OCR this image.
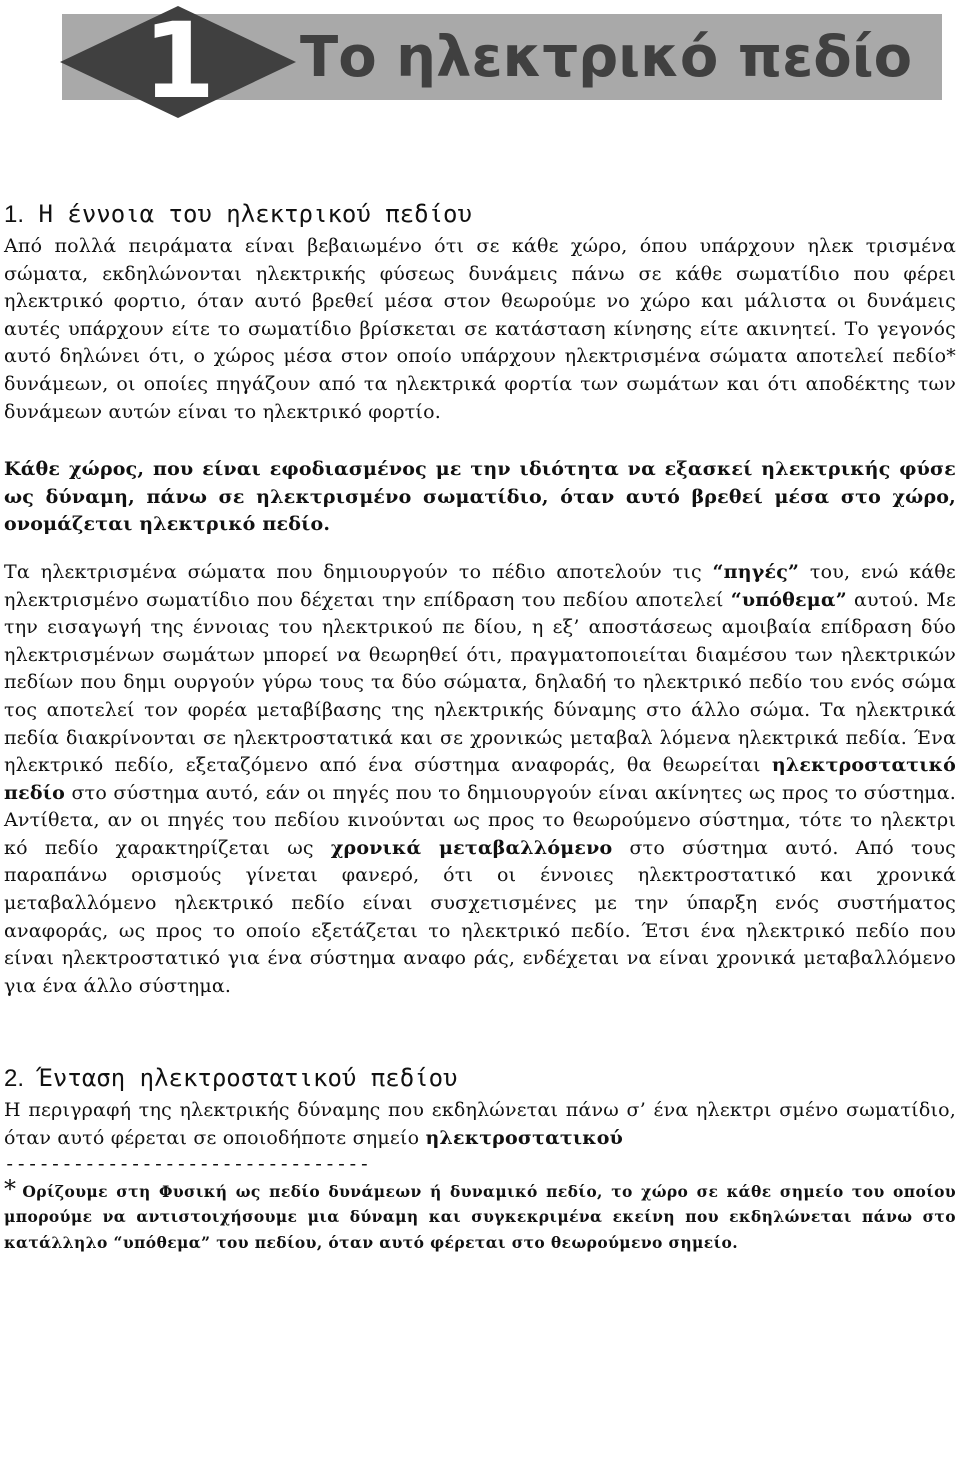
1 Το ηλεκτρικό πεδίο
1. Η έννοια του ηλεκτρικού πεδίου

Από πολλά πειράματα είναι βεβαιωμένο ότι σε κάθε χώρο, όπου υπάρχουν ηλεκ τρισμένα σώματα, εκδηλώνονται ηλεκτρικής φύσεως δυνάμεις πάνω σε κάθε σωματίδιο που φέρει ηλεκτρικό φορτιο, όταν αυτό βρεθεί μέσα στον θεωρούμε νο χώρο και μάλιστα οι δυνάμεις αυτές υπάρχουν είτε το σωματίδιο βρίσκεται σε κατάσταση κίνησης είτε ακινητεί. Το γεγονός αυτό δηλώνει ότι, ο χώρος μέσα στον οποίο υπάρχουν ηλεκτρισμένα σώματα αποτελεί πεδίο* δυνάμεων, οι οποίες πηγάζουν από τα ηλεκτρικά φορτία των σωμάτων και ότι αποδέκτης των δυνάμεων αυτών είναι το ηλεκτρικό φορτίο.

Κάθε χώρος, που είναι εφοδιασμένος με την ιδιότητα να εξασκεί ηλεκτρικής φύσε ως δύναμη, πάνω σε ηλεκτρισμένο σωματίδιο, όταν αυτό βρεθεί μέσα στο χώρο, ονομάζεται ηλεκτρικό πεδίο.

Τα ηλεκτρισμένα σώματα που δημιουργούν το πέδιο αποτελούν τις “πηγές” του, ενώ κάθε ηλεκτρισμένο σωματίδιο που δέχεται την επίδραση του πεδίου αποτελεί “υπόθεμα” αυτού. Με την εισαγωγή της έννοιας του ηλεκτρικού πε δίου, η εξ’ αποστάσεως αμοιβαία επίδραση δύο ηλεκτρισμένων σωμάτων μπορεί να θεωρηθεί ότι, πραγματοποιείται διαμέσου των ηλεκτρικών πεδίων που δημι ουργούν γύρω τους τα δύο σώματα, δηλαδή το ηλεκτρικό πεδίο του ενός σώμα τος αποτελεί τον φορέα μεταβίβασης της ηλεκτρικής δύναμης στο άλλο σώμα. Τα ηλεκτρικά πεδία διακρίνονται σε ηλεκτροστατικά και σε χρονικώς μεταβαλ λόμενα ηλεκτρικά πεδία. Ένα ηλεκτρικό πεδίο, εξεταζόμενο από ένα σύστημα αναφοράς, θα θεωρείται ηλεκτροστατικό πεδίο στο σύστημα αυτό, εάν οι πηγές που το δημιουργούν είναι ακίνητες ως προς το σύστημα. Αντίθετα, αν οι πηγές του πεδίου κινούνται ως προς το θεωρούμενο σύστημα, τότε το ηλεκτρι κό πεδίο χαρακτηρίζεται ως χρονικά μεταβαλλόμενο στο σύστημα αυτό. Από τους παραπάνω ορισμούς γίνεται φανερό, ότι οι έννοιες ηλεκτροστατικό και χρονικά μεταβαλλόμενο ηλεκτρικό πεδίο είναι συσχετισμένες με την ύπαρξη ενός συστήματος αναφοράς, ως προς το οποίο εξετάζεται το ηλεκτρικό πεδίο. Έτσι ένα ηλεκτρικό πεδίο που είναι ηλεκτροστατικό για ένα σύστημα αναφο ράς, ενδέχεται να είναι χρονικά μεταβαλλόμενο για ένα άλλο σύστημα.

2. Ένταση ηλεκτροστατικού πεδίου

Η περιγραφή της ηλεκτρικής δύναμης που εκδηλώνεται πάνω σ’ ένα ηλεκτρι σμένο σωματίδιο, όταν αυτό φέρεται σε οποιοδήποτε σημείο ηλεκτροστατικού

--------------------------------

* Ορίζουμε στη Φυσική ως πεδίο δυνάμεων ή δυναμικό πεδίο, το χώρο σε κάθε σημείο του οποίου μπορούμε να αντιστοιχήσουμε μια δύναμη και συγκεκριμένα εκείνη που εκδηλώνεται πάνω στο κατάλληλο “υπόθεμα” του πεδίου, όταν αυτό φέρεται στο θεωρούμενο σημείο.
